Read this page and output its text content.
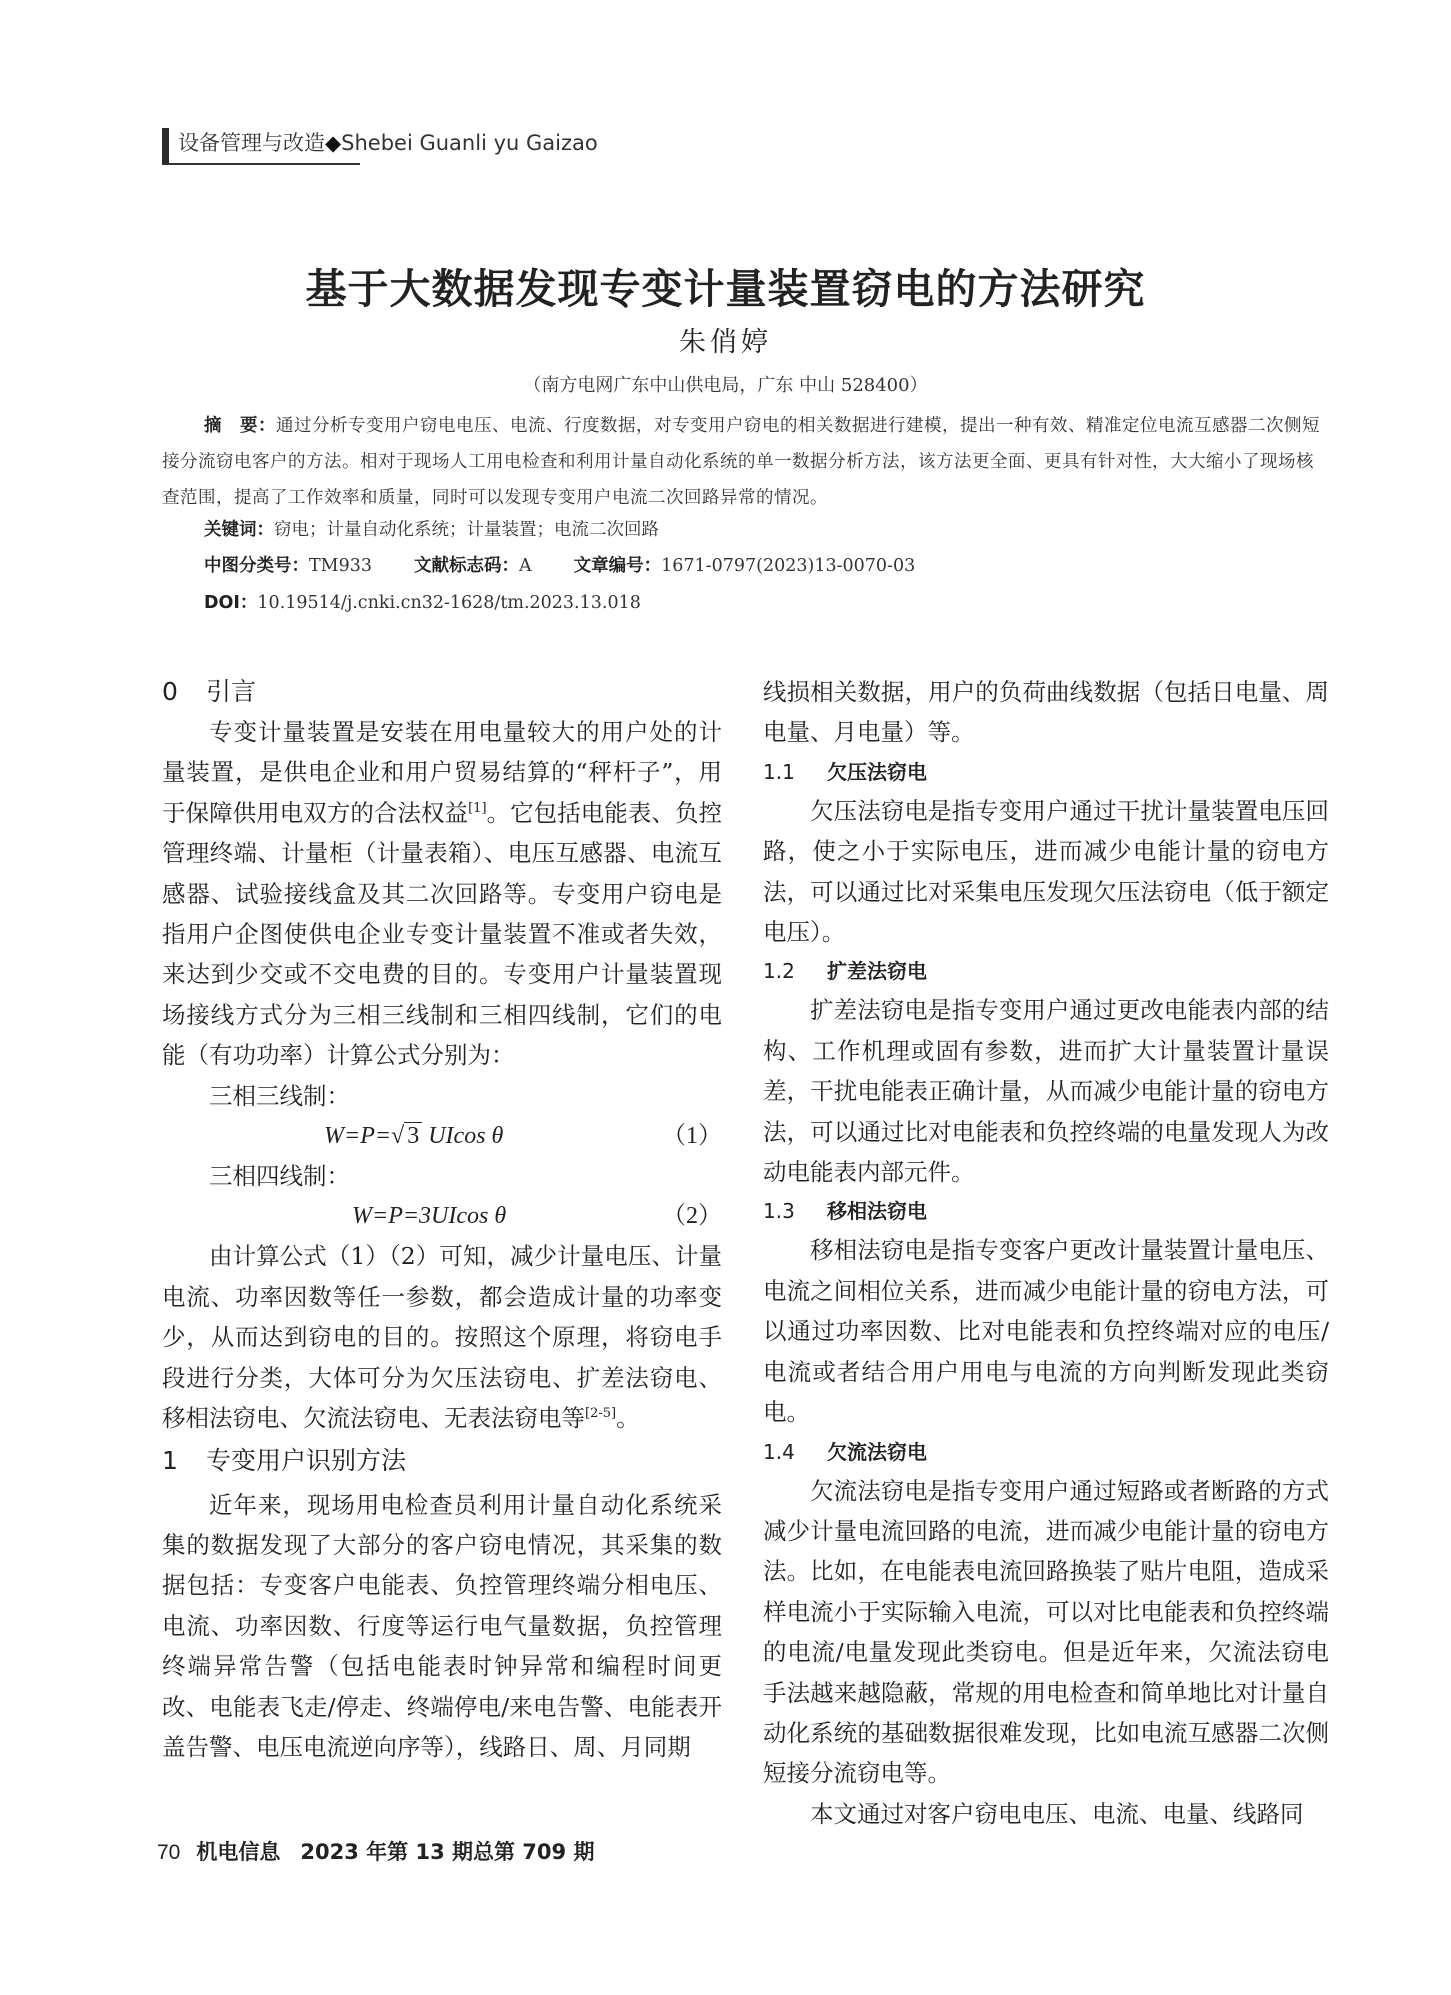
设备管理与改造◆Shebei Guanli yu Gaizao
基于大数据发现专变计量装置窃电的方法研究
朱俏婷
（南方电网广东中山供电局，广东 中山 528400）
摘　要：通过分析专变用户窃电电压、电流、行度数据，对专变用户窃电的相关数据进行建模，提出一种有效、精准定位电流互感器二次侧短接分流窃电客户的方法。相对于现场人工用电检查和利用计量自动化系统的单一数据分析方法，该方法更全面、更具有针对性，大大缩小了现场核查范围，提高了工作效率和质量，同时可以发现专变用户电流二次回路异常的情况。
关键词：窃电；计量自动化系统；计量装置；电流二次回路
中图分类号：TM933 文献标志码：A 文章编号：1671-0797(2023)13-0070-03
DOI：10.19514/j.cnki.cn32-1628/tm.2023.13.018

0 引言

专变计量装置是安装在用电量较大的用户处的计量装置，是供电企业和用户贸易结算的“秤杆子”，用于保障供用电双方的合法权益[1]。它包括电能表、负控管理终端、计量柜（计量表箱）、电压互感器、电流互感器、试验接线盒及其二次回路等。专变用户窃电是指用户企图使供电企业专变计量装置不准或者失效，来达到少交或不交电费的目的。专变用户计量装置现场接线方式分为三相三线制和三相四线制，它们的电能（有功功率）计算公式分别为：

三相三线制：

W=P=√ 3 UIcos θ	（1）

三相四线制：

W=P=3UIcos θ	（2）

由计算公式（1）（2）可知，减少计量电压、计量电流、功率因数等任一参数，都会造成计量的功率变少，从而达到窃电的目的。按照这个原理，将窃电手段进行分类，大体可分为欠压法窃电、扩差法窃电、移相法窃电、欠流法窃电、无表法窃电等[2-5]。

1 专变用户识别方法

近年来，现场用电检查员利用计量自动化系统采集的数据发现了大部分的客户窃电情况，其采集的数据包括：专变客户电能表、负控管理终端分相电压、电流、功率因数、行度等运行电气量数据，负控管理终端异常告警（包括电能表时钟异常和编程时间更改、电能表飞走/停走、终端停电/来电告警、电能表开盖告警、电压电流逆向序等），线路日、周、月同期

线损相关数据，用户的负荷曲线数据（包括日电量、周电量、月电量）等。

1.1 欠压法窃电

欠压法窃电是指专变用户通过干扰计量装置电压回路，使之小于实际电压，进而减少电能计量的窃电方法，可以通过比对采集电压发现欠压法窃电（低于额定电压）。

1.2 扩差法窃电

扩差法窃电是指专变用户通过更改电能表内部的结构、工作机理或固有参数，进而扩大计量装置计量误差，干扰电能表正确计量，从而减少电能计量的窃电方法，可以通过比对电能表和负控终端的电量发现人为改动电能表内部元件。

1.3 移相法窃电

移相法窃电是指专变客户更改计量装置计量电压、电流之间相位关系，进而减少电能计量的窃电方法，可以通过功率因数、比对电能表和负控终端对应的电压/电流或者结合用户用电与电流的方向判断发现此类窃电。

1.4 欠流法窃电

欠流法窃电是指专变用户通过短路或者断路的方式减少计量电流回路的电流，进而减少电能计量的窃电方法。比如，在电能表电流回路换装了贴片电阻，造成采样电流小于实际输入电流，可以对比电能表和负控终端的电流/电量发现此类窃电。但是近年来，欠流法窃电手法越来越隐蔽，常规的用电检查和简单地比对计量自动化系统的基础数据很难发现，比如电流互感器二次侧短接分流窃电等。

本文通过对客户窃电电压、电流、电量、线路同

70 机电信息 2023 年第 13 期总第 709 期
